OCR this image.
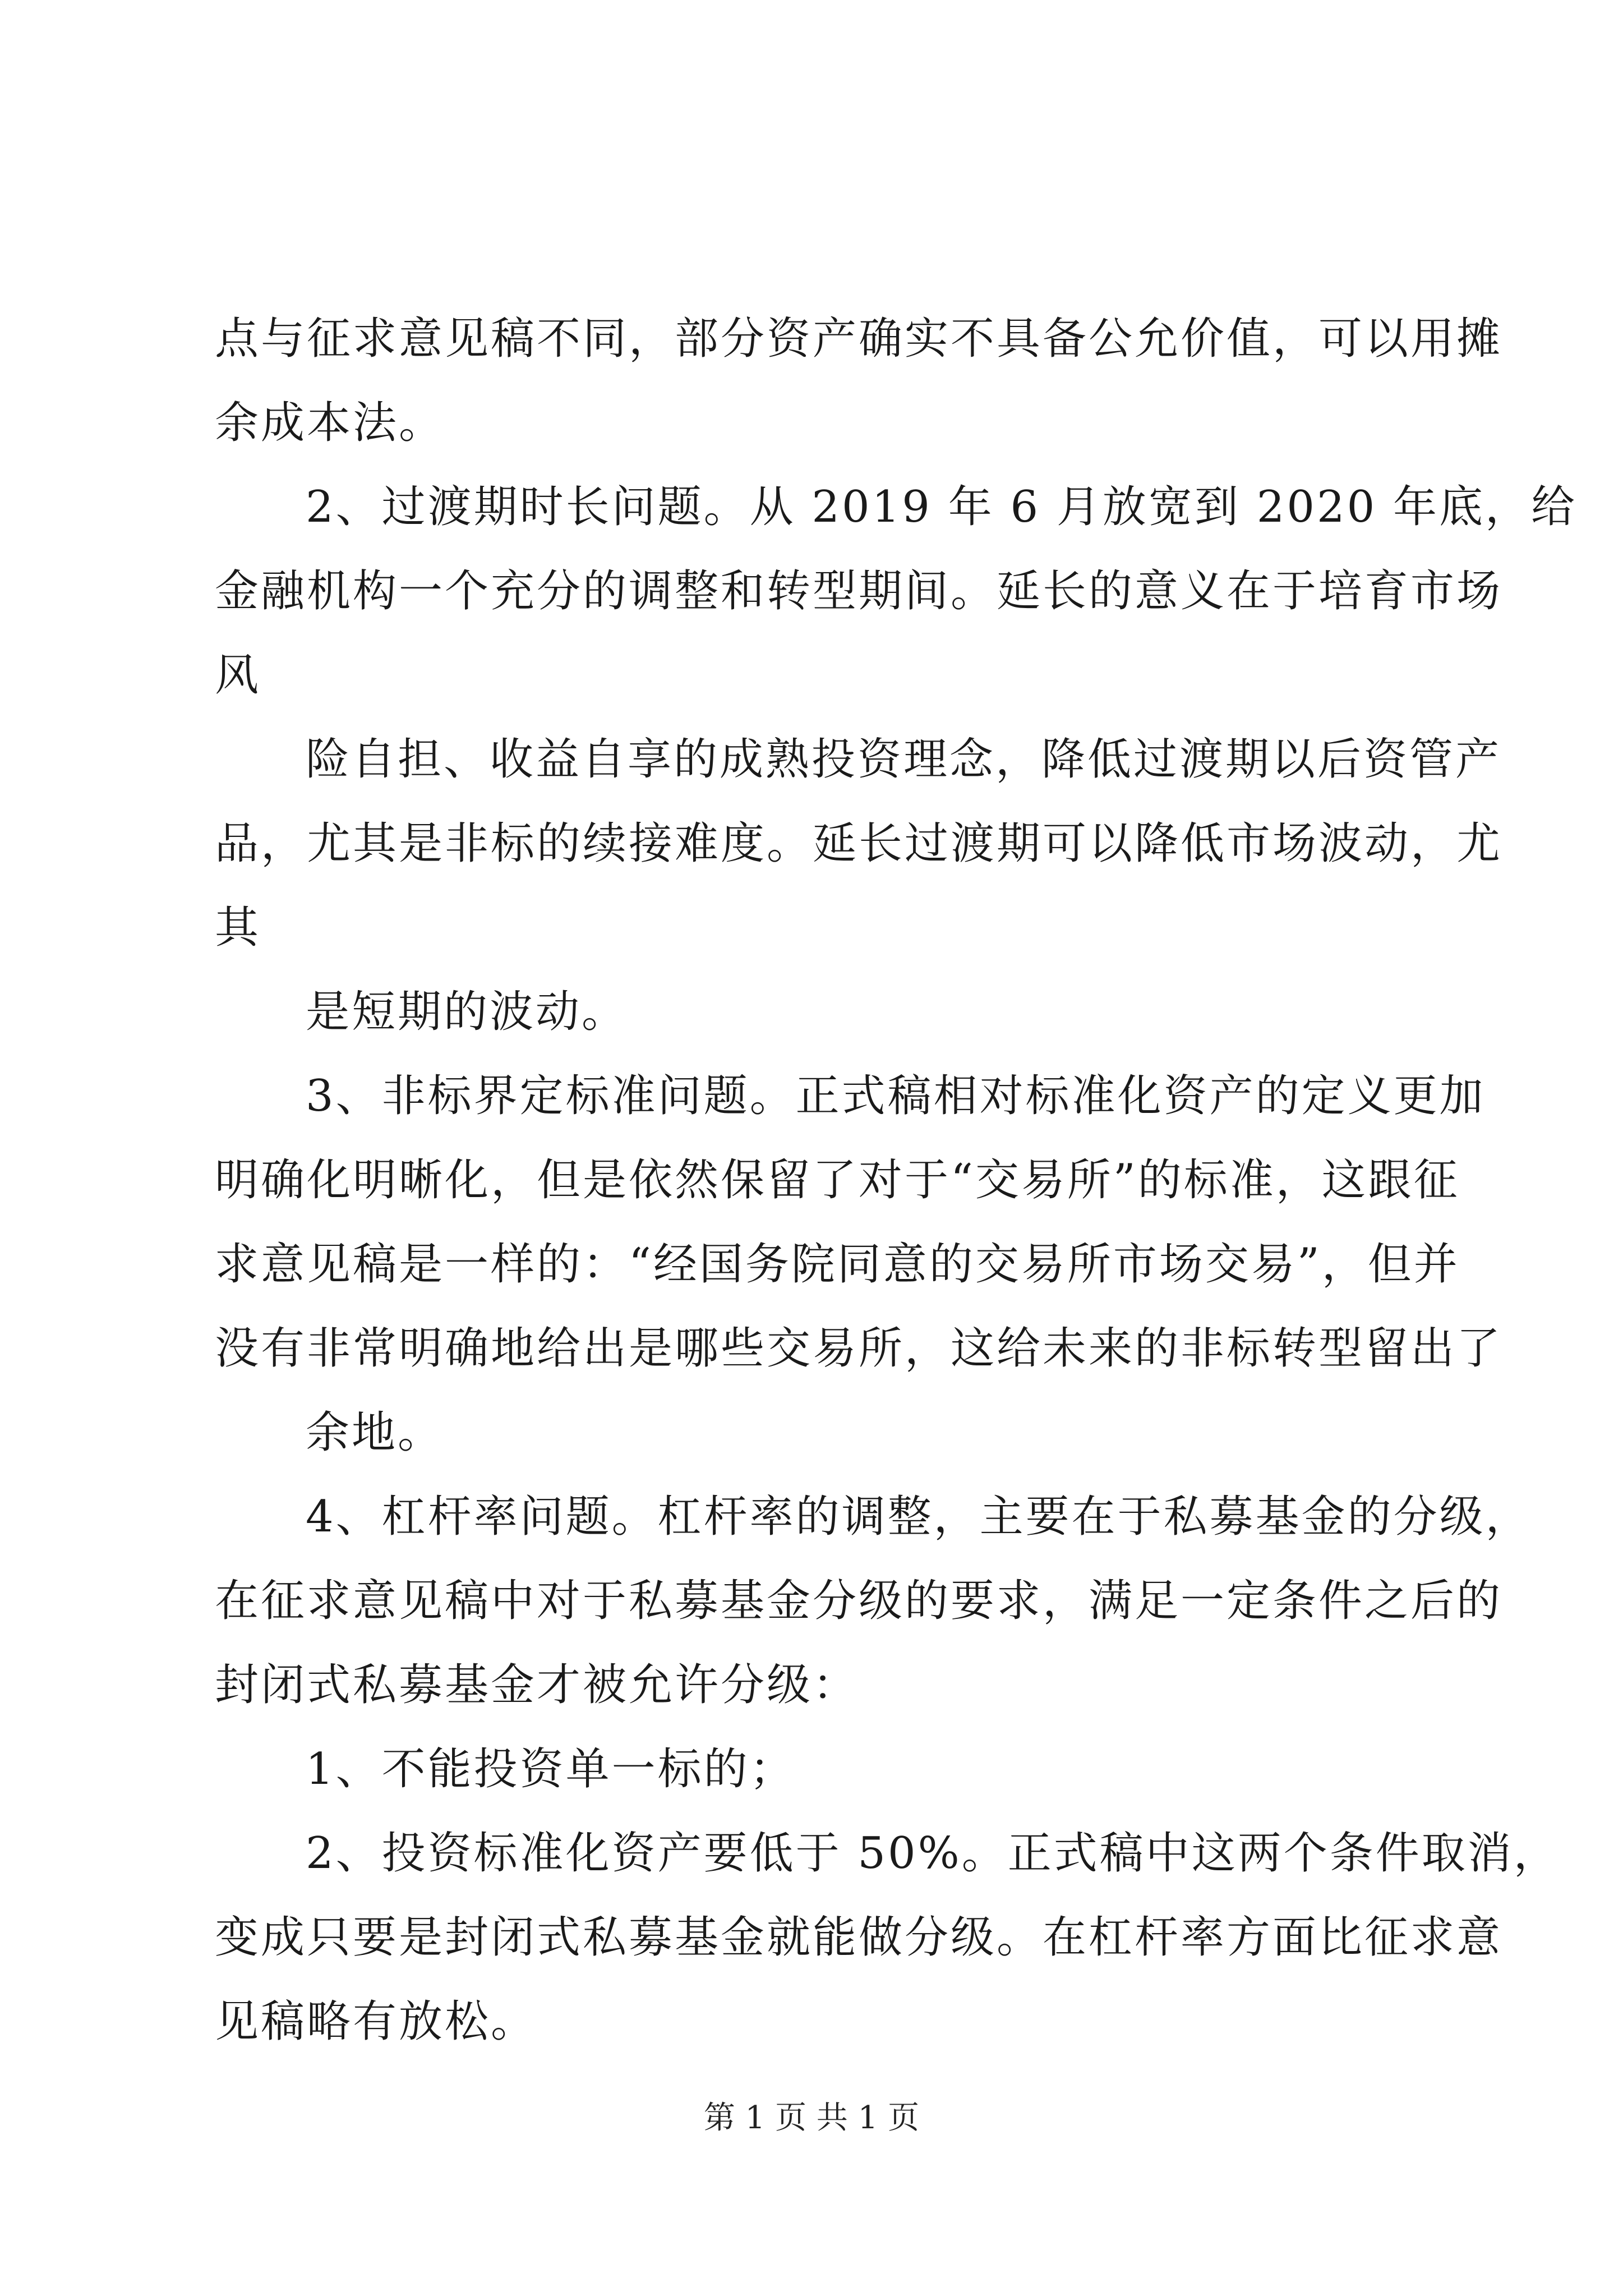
点与征求意见稿不同，部分资产确实不具备公允价值，可以用摊
余成本法。
2、过渡期时长问题。从 2019 年 6 月放宽到 2020 年底，给
金融机构一个充分的调整和转型期间。延长的意义在于培育市场
风
险自担、收益自享的成熟投资理念，降低过渡期以后资管产
品，尤其是非标的续接难度。延长过渡期可以降低市场波动，尤
其
是短期的波动。
3、非标界定标准问题。正式稿相对标准化资产的定义更加
明确化明晰化，但是依然保留了对于“交易所”的标准，这跟征
求意见稿是一样的：“经国务院同意的交易所市场交易”，但并
没有非常明确地给出是哪些交易所，这给未来的非标转型留出了
余地。
4、杠杆率问题。杠杆率的调整，主要在于私募基金的分级，
在征求意见稿中对于私募基金分级的要求，满足一定条件之后的
封闭式私募基金才被允许分级：
1、不能投资单一标的；
2、投资标准化资产要低于 50%。正式稿中这两个条件取消，
变成只要是封闭式私募基金就能做分级。在杠杆率方面比征求意
见稿略有放松。
第 1 页 共 1 页
